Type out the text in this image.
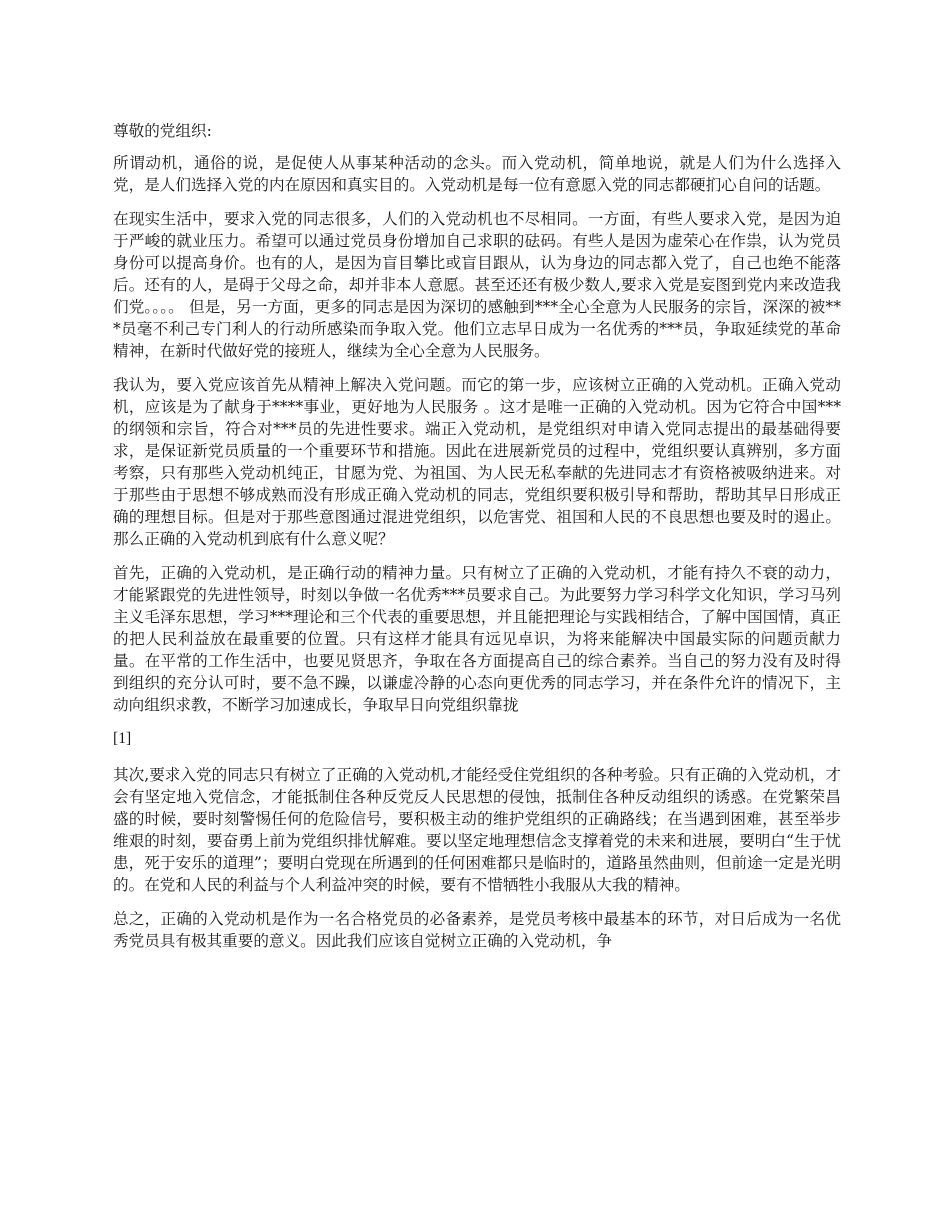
尊敬的党组织:

所谓动机，通俗的说，是促使人从事某种活动的念头。而入党动机，简单地说，就是人们为什么选择入党，是人们选择入党的内在原因和真实目的。入党动机是每一位有意愿入党的同志都硬扪心自问的话题。

在现实生活中，要求入党的同志很多，人们的入党动机也不尽相同。一方面，有些人要求入党，是因为迫于严峻的就业压力。希望可以通过党员身份增加自己求职的砝码。有些人是因为虚荣心在作祟，认为党员身份可以提高身价。也有的人，是因为盲目攀比或盲目跟从，认为身边的同志都入党了，自己也绝不能落后。还有的人，是碍于父母之命，却并非本人意愿。甚至还还有极少数人,要求入党是妄图到党内来改造我们党。。。。 但是，另一方面，更多的同志是因为深切的感触到***全心全意为人民服务的宗旨，深深的被***员毫不利己专门利人的行动所感染而争取入党。他们立志早日成为一名优秀的***员，争取延续党的革命精神，在新时代做好党的接班人，继续为全心全意为人民服务。

我认为，要入党应该首先从精神上解决入党问题。而它的第一步，应该树立正确的入党动机。正确入党动机，应该是为了献身于****事业，更好地为人民服务 。这才是唯一正确的入党动机。因为它符合中国***的纲领和宗旨，符合对***员的先进性要求。端正入党动机，是党组织对申请入党同志提出的最基础得要求，是保证新党员质量的一个重要环节和措施。因此在进展新党员的过程中，党组织要认真辨别，多方面考察，只有那些入党动机纯正，甘愿为党、为祖国、为人民无私奉献的先进同志才有资格被吸纳进来。对于那些由于思想不够成熟而没有形成正确入党动机的同志，党组织要积极引导和帮助，帮助其早日形成正确的理想目标。但是对于那些意图通过混进党组织，以危害党、祖国和人民的不良思想也要及时的遏止。那么正确的入党动机到底有什么意义呢？

首先，正确的入党动机，是正确行动的精神力量。只有树立了正确的入党动机，才能有持久不衰的动力，才能紧跟党的先进性领导，时刻以争做一名优秀***员要求自己。为此要努力学习科学文化知识，学习马列主义毛泽东思想，学习***理论和三个代表的重要思想，并且能把理论与实践相结合，了解中国国情，真正的把人民利益放在最重要的位置。只有这样才能具有远见卓识，为将来能解决中国最实际的问题贡献力量。在平常的工作生活中，也要见贤思齐，争取在各方面提高自己的综合素养。当自己的努力没有及时得到组织的充分认可时，要不急不躁，以谦虚冷静的心态向更优秀的同志学习，并在条件允许的情况下，主动向组织求教，不断学习加速成长，争取早日向党组织靠拢

[1]

其次,要求入党的同志只有树立了正确的入党动机,才能经受住党组织的各种考验。只有正确的入党动机，才会有坚定地入党信念，才能抵制住各种反党反人民思想的侵蚀，抵制住各种反动组织的诱惑。在党繁荣昌盛的时候，要时刻警惕任何的危险信号，要积极主动的维护党组织的正确路线；在当遇到困难，甚至举步维艰的时刻，要奋勇上前为党组织排忧解难。要以坚定地理想信念支撑着党的未来和进展，要明白“生于忧患，死于安乐的道理”；要明白党现在所遇到的任何困难都只是临时的，道路虽然曲则，但前途一定是光明的。在党和人民的利益与个人利益冲突的时候，要有不惜牺牲小我服从大我的精神。

总之，正确的入党动机是作为一名合格党员的必备素养，是党员考核中最基本的环节，对日后成为一名优秀党员具有极其重要的意义。因此我们应该自觉树立正确的入党动机，争
